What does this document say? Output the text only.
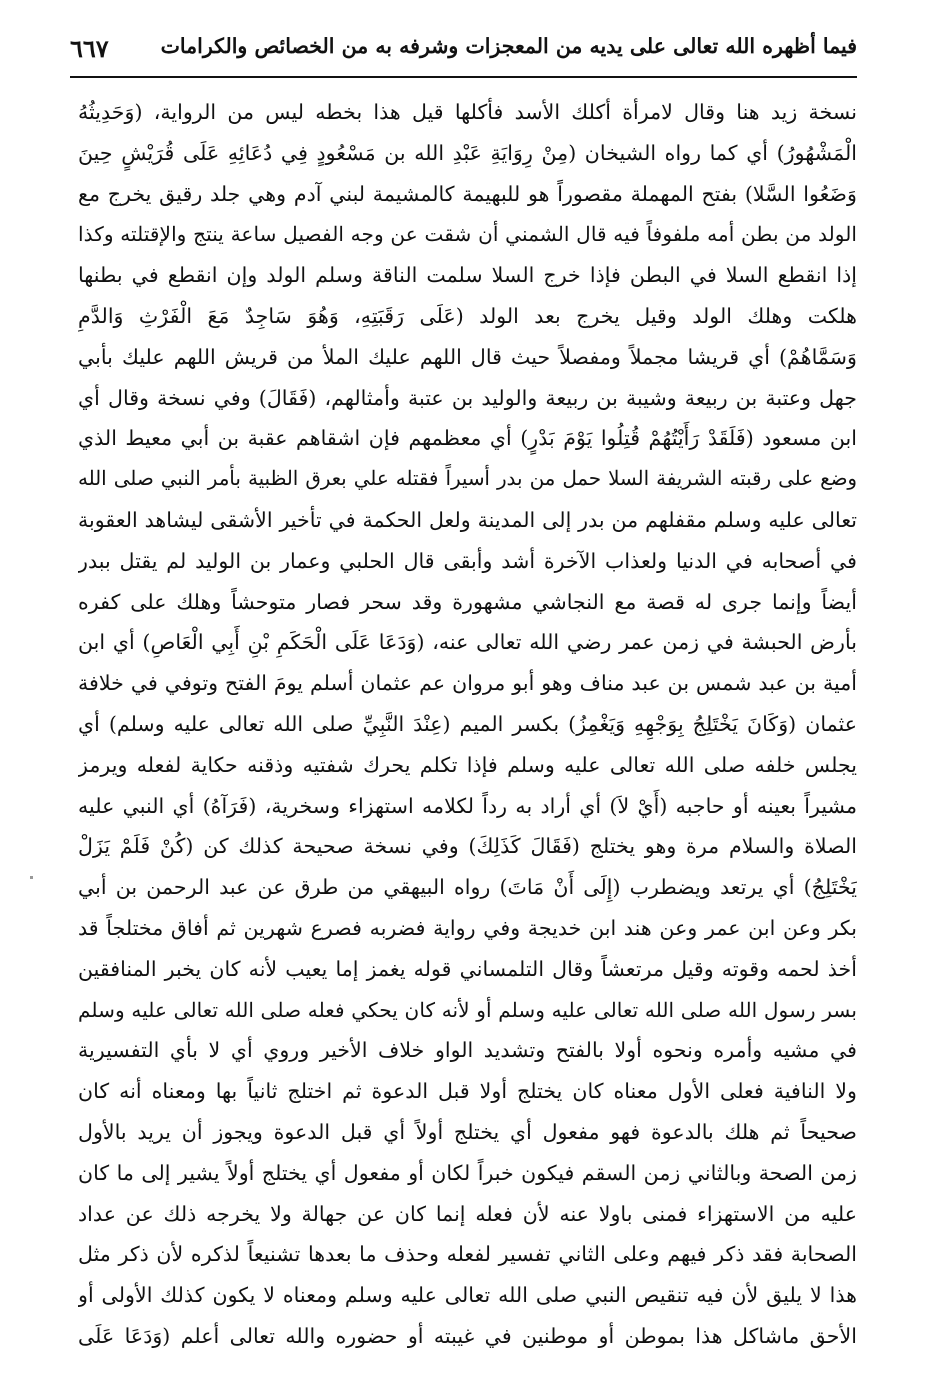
فيما أظهره الله تعالى على يديه من المعجزات وشرفه به من الخصائص والكرامات
٦٦٧
نسخة زيد هنا وقال لامرأة أكلك الأسد فأكلها قيل هذا بخطه ليس من الرواية، (وَحَدِيثُهُ
الْمَشْهُورُ) أي كما رواه الشيخان (مِنْ رِوَايَةِ عَبْدِ الله بن مَسْعُودٍ فِي دُعَائِهِ عَلَى قُرَيْشٍ حِينَ
وَضَعُوا السَّلا) بفتح المهملة مقصوراً هو للبهيمة كالمشيمة لبني آدم وهي جلد رقيق يخرج مع
الولد من بطن أمه ملفوفاً فيه قال الشمني أن شقت عن وجه الفصيل ساعة ينتج والإقتلته وكذا
إذا انقطع السلا في البطن فإذا خرج السلا سلمت الناقة وسلم الولد وإن انقطع في بطنها
هلكت وهلك الولد وقيل يخرج بعد الولد (عَلَى رَقَبَتِهِ، وَهُوَ سَاجِدٌ مَعَ الْفَرْثِ وَالدَّمِ
وَسَمَّاهُمْ) أي قريشا مجملاً ومفصلاً حيث قال اللهم عليك الملأ من قريش اللهم عليك بأبي
جهل وعتبة بن ربيعة وشيبة بن ربيعة والوليد بن عتبة وأمثالهم، (فَقَالَ) وفي نسخة وقال أي
ابن مسعود (فَلَقَدْ رَأَيْتُهُمْ قُتِلُوا يَوْمَ بَدْرٍ) أي معظمهم فإن اشقاهم عقبة بن أبي معيط الذي
وضع على رقبته الشريفة السلا حمل من بدر أسيراً فقتله علي بعرق الظبية بأمر النبي صلى الله
تعالى عليه وسلم مقفلهم من بدر إلى المدينة ولعل الحكمة في تأخير الأشقى ليشاهد العقوبة
في أصحابه في الدنيا ولعذاب الآخرة أشد وأبقى قال الحلبي وعمار بن الوليد لم يقتل ببدر
أيضاً وإنما جرى له قصة مع النجاشي مشهورة وقد سحر فصار متوحشاً وهلك على كفره
بأرض الحبشة في زمن عمر رضي الله تعالى عنه، (وَدَعَا عَلَى الْحَكَمِ بْنِ أَبِي الْعَاصِ) أي ابن
أمية بن عبد شمس بن عبد مناف وهو أبو مروان عم عثمان أسلم يومَ الفتح وتوفي في خلافة
عثمان (وَكَانَ يَخْتَلِجُ بِوَجْهِهِ وَيَغْمِزُ) بكسر الميم (عِنْدَ النَّبِيِّ صلى الله تعالى عليه وسلم) أي
يجلس خلفه صلى الله تعالى عليه وسلم فإذا تكلم يحرك شفتيه وذقنه حكاية لفعله ويرمز
مشيراً بعينه أو حاجبه (أَيْ لاَ) أي أراد به رداً لكلامه استهزاء وسخرية، (فَرَآهُ) أي النبي عليه
الصلاة والسلام مرة وهو يختلج (فَقَالَ كَذَلِكَ) وفي نسخة صحيحة كذلك كن (كُنْ فَلَمْ يَزَلْ
يَخْتَلِجُ) أي يرتعد ويضطرب (إِلَى أَنْ مَاتَ) رواه البيهقي من طرق عن عبد الرحمن بن أبي
بكر وعن ابن عمر وعن هند ابن خديجة وفي رواية فضربه فصرع شهرين ثم أفاق مختلجاً قد
أخذ لحمه وقوته وقيل مرتعشاً وقال التلمساني قوله يغمز إما يعيب لأنه كان يخبر المنافقين
بسر رسول الله صلى الله تعالى عليه وسلم أو لأنه كان يحكي فعله صلى الله تعالى عليه وسلم
في مشيه وأمره ونحوه أولا بالفتح وتشديد الواو خلاف الأخير وروي أي لا بأي التفسيرية
ولا النافية فعلى الأول معناه كان يختلج أولا قبل الدعوة ثم اختلج ثانياً بها ومعناه أنه كان
صحيحاً ثم هلك بالدعوة فهو مفعول أي يختلج أولاً أي قبل الدعوة ويجوز أن يريد بالأول
زمن الصحة وبالثاني زمن السقم فيكون خبراً لكان أو مفعول أي يختلج أولاً يشير إلى ما كان
عليه من الاستهزاء فمنى باولا عنه لأن فعله إنما كان عن جهالة ولا يخرجه ذلك عن عداد
الصحابة فقد ذكر فيهم وعلى الثاني تفسير لفعله وحذف ما بعدها تشنيعاً لذكره لأن ذكر مثل
هذا لا يليق لأن فيه تنقيص النبي صلى الله تعالى عليه وسلم ومعناه لا يكون كذلك الأولى أو
الأحق ماشاكل هذا بموطن أو موطنين في غيبته أو حضوره والله تعالى أعلم (وَدَعَا عَلَى
